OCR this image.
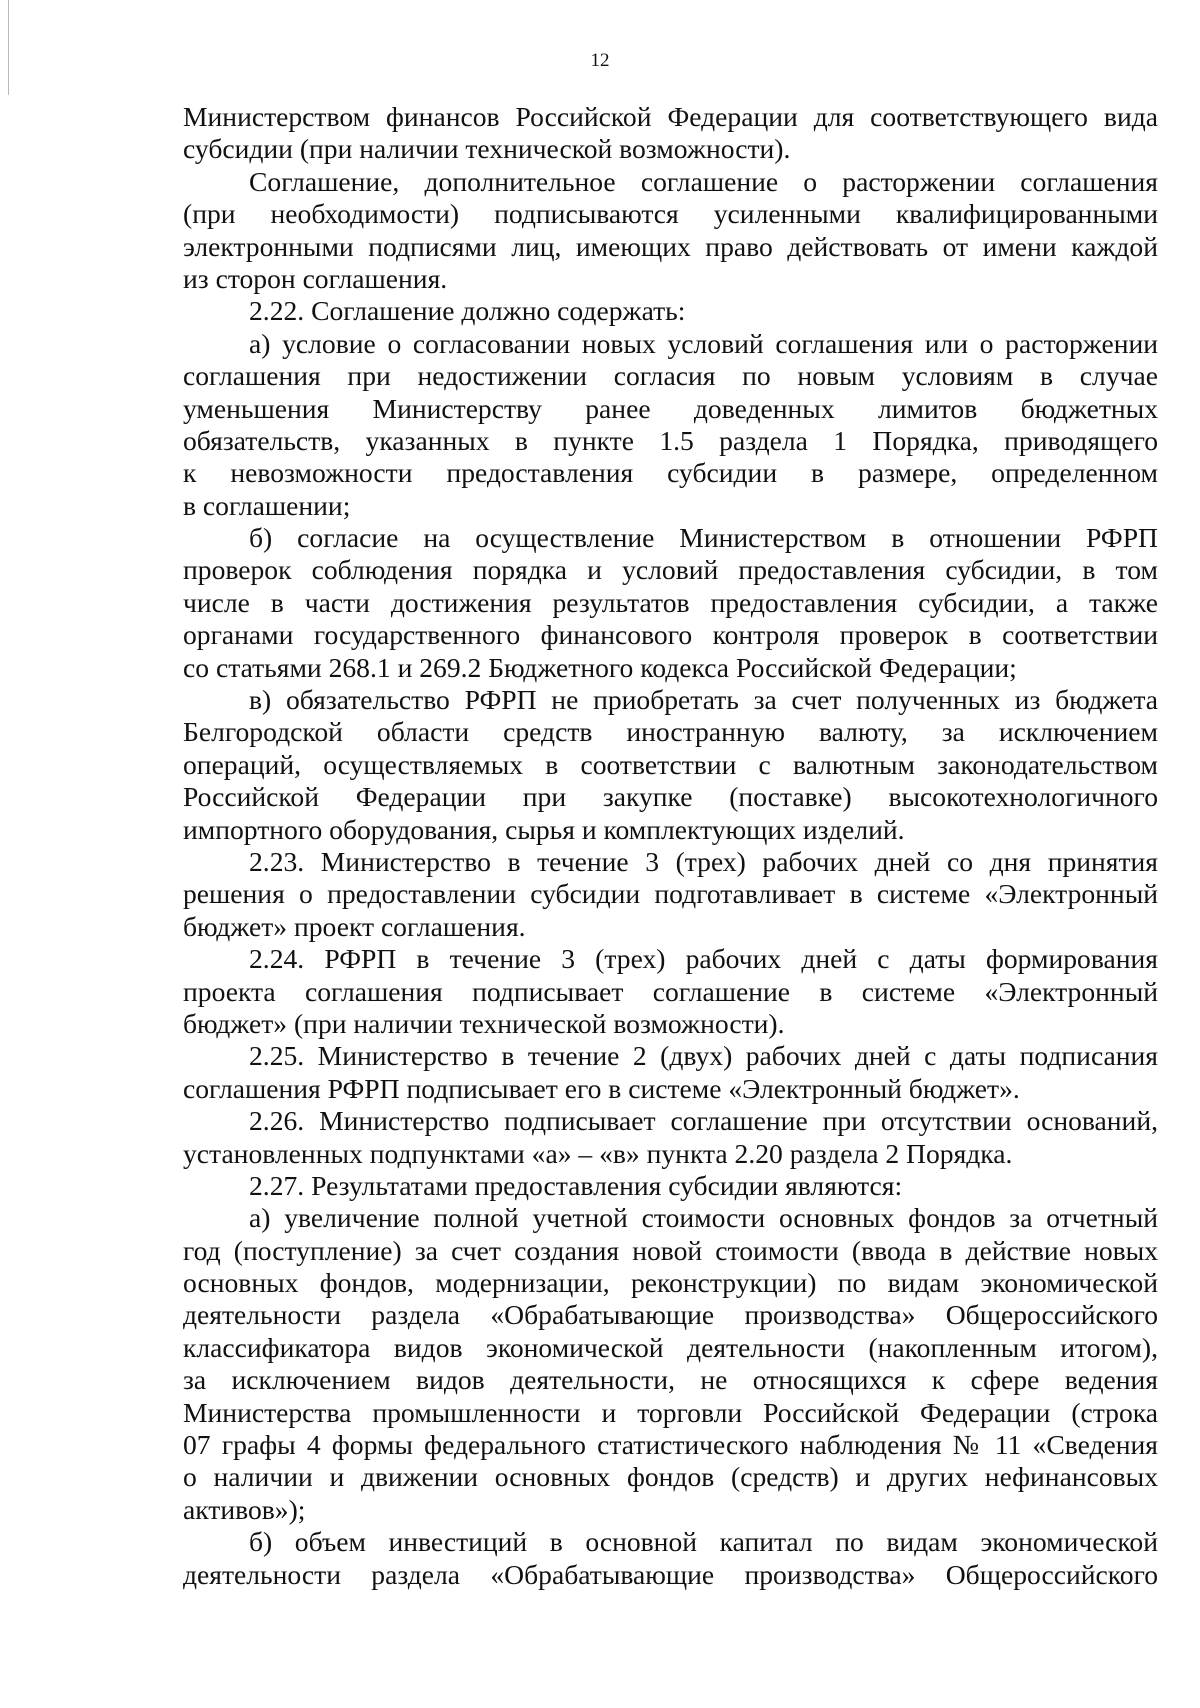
12
Министерством финансов Российской Федерации для соответствующего вида
субсидии (при наличии технической возможности).
Соглашение, дополнительное соглашение о расторжении соглашения
(при необходимости) подписываются усиленными квалифицированными
электронными подписями лиц, имеющих право действовать от имени каждой
из сторон соглашения.
2.22. Соглашение должно содержать:
а) условие о согласовании новых условий соглашения или о расторжении
соглашения при недостижении согласия по новым условиям в случае
уменьшения Министерству ранее доведенных лимитов бюджетных
обязательств, указанных в пункте 1.5 раздела 1 Порядка, приводящего
к невозможности предоставления субсидии в размере, определенном
в соглашении;
б) согласие на осуществление Министерством в отношении РФРП
проверок соблюдения порядка и условий предоставления субсидии, в том
числе в части достижения результатов предоставления субсидии, а также
органами государственного финансового контроля проверок в соответствии
со статьями 268.1 и 269.2 Бюджетного кодекса Российской Федерации;
в) обязательство РФРП не приобретать за счет полученных из бюджета
Белгородской области средств иностранную валюту, за исключением
операций, осуществляемых в соответствии с валютным законодательством
Российской Федерации при закупке (поставке) высокотехнологичного
импортного оборудования, сырья и комплектующих изделий.
2.23. Министерство в течение 3 (трех) рабочих дней со дня принятия
решения о предоставлении субсидии подготавливает в системе «Электронный
бюджет» проект соглашения.
2.24. РФРП в течение 3 (трех) рабочих дней с даты формирования
проекта соглашения подписывает соглашение в системе «Электронный
бюджет» (при наличии технической возможности).
2.25. Министерство в течение 2 (двух) рабочих дней с даты подписания
соглашения РФРП подписывает его в системе «Электронный бюджет».
2.26. Министерство подписывает соглашение при отсутствии оснований,
установленных подпунктами «а» – «в» пункта 2.20 раздела 2 Порядка.
2.27. Результатами предоставления субсидии являются:
а) увеличение полной учетной стоимости основных фондов за отчетный
год (поступление) за счет создания новой стоимости (ввода в действие новых
основных фондов, модернизации, реконструкции) по видам экономической
деятельности раздела «Обрабатывающие производства» Общероссийского
классификатора видов экономической деятельности (накопленным итогом),
за исключением видов деятельности, не относящихся к сфере ведения
Министерства промышленности и торговли Российской Федерации (строка
07 графы 4 формы федерального статистического наблюдения № 11 «Сведения
о наличии и движении основных фондов (средств) и других нефинансовых
активов»);
б) объем инвестиций в основной капитал по видам экономической
деятельности раздела «Обрабатывающие производства» Общероссийского
